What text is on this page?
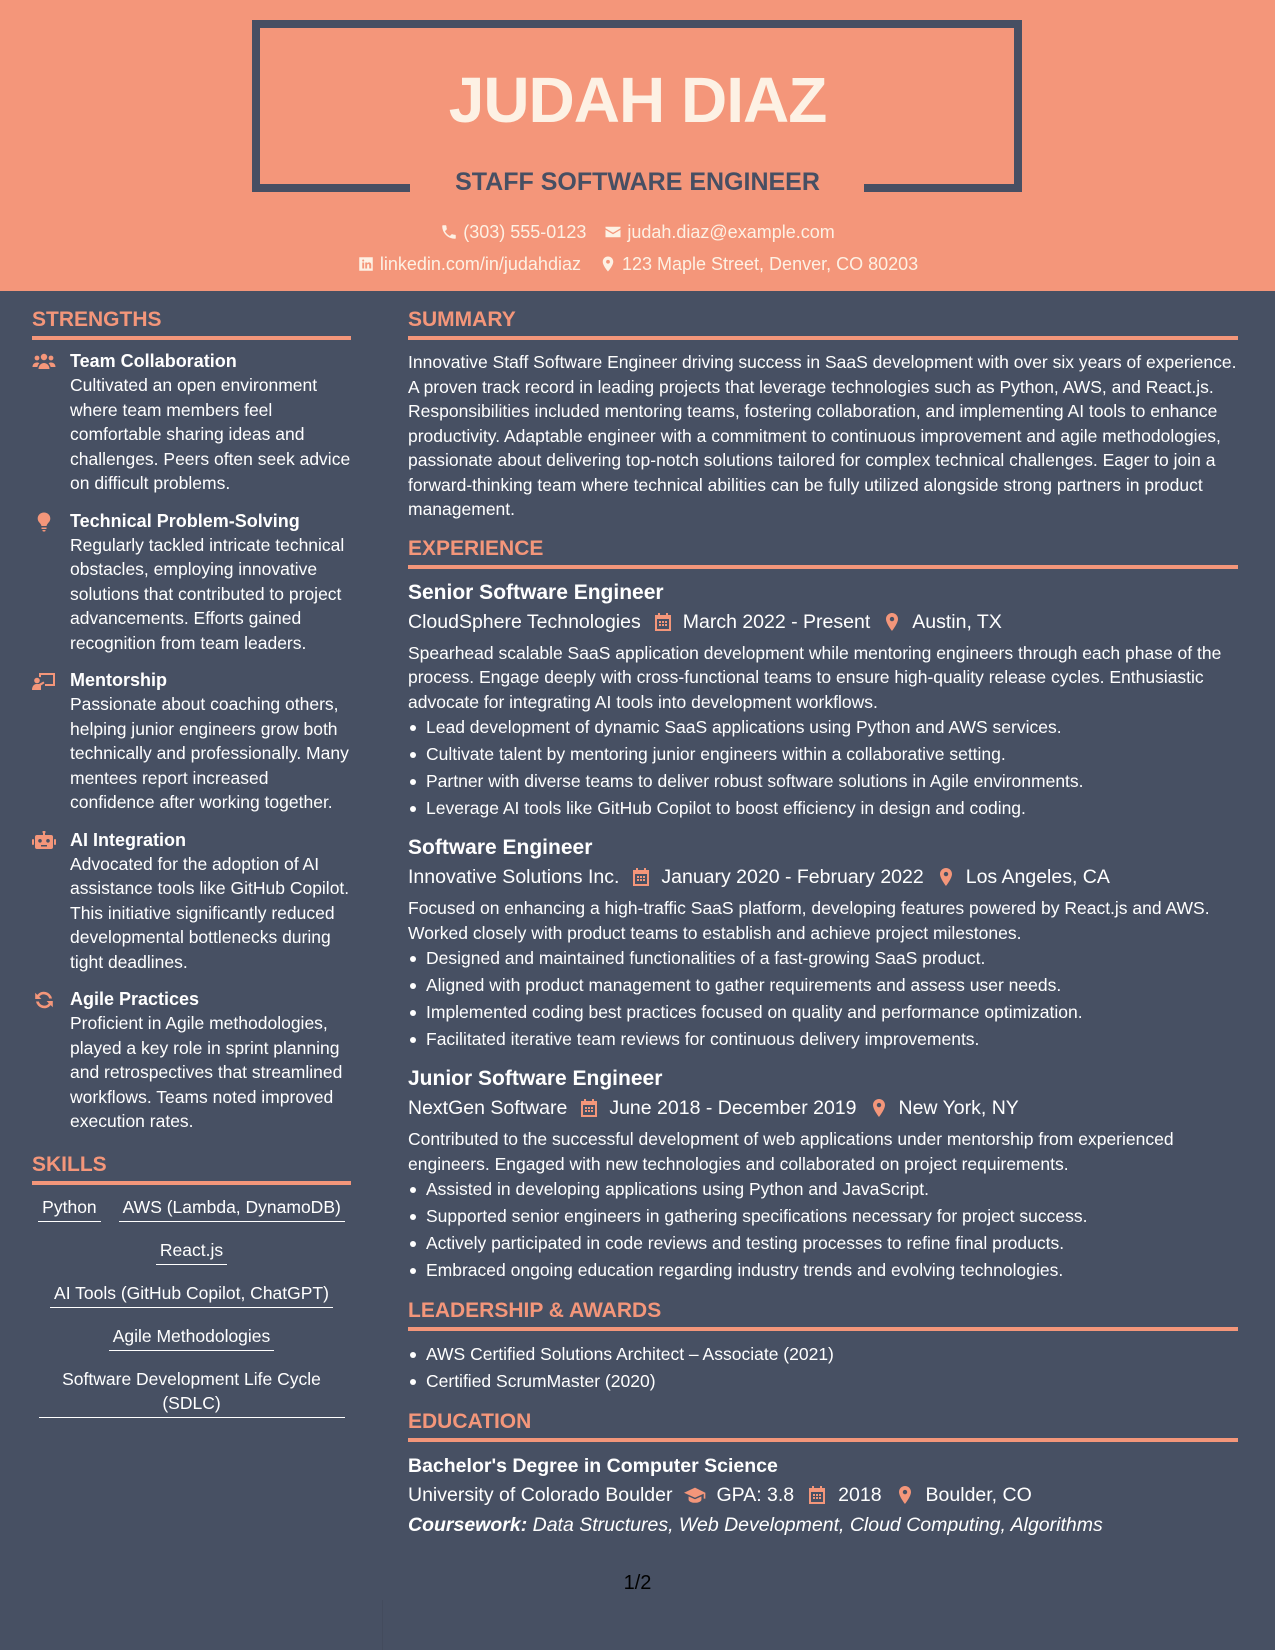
JUDAH DIAZ
STAFF SOFTWARE ENGINEER
(303) 555-0123 judah.diaz@example.com
linkedin.com/in/judahdiaz 123 Maple Street, Denver, CO 80203
STRENGTHS
Team Collaboration
Cultivated an open environment where team members feel comfortable sharing ideas and challenges. Peers often seek advice on difficult problems.
Technical Problem-Solving
Regularly tackled intricate technical obstacles, employing innovative solutions that contributed to project advancements. Efforts gained recognition from team leaders.
Mentorship
Passionate about coaching others, helping junior engineers grow both technically and professionally. Many mentees report increased confidence after working together.
AI Integration
Advocated for the adoption of AI assistance tools like GitHub Copilot. This initiative significantly reduced developmental bottlenecks during tight deadlines.
Agile Practices
Proficient in Agile methodologies, played a key role in sprint planning and retrospectives that streamlined workflows. Teams noted improved execution rates.
SKILLS
Python AWS (Lambda, DynamoDB)
React.js
AI Tools (GitHub Copilot, ChatGPT)
Agile Methodologies
Software Development Life Cycle (SDLC)
SUMMARY
Innovative Staff Software Engineer driving success in SaaS development with over six years of experience. A proven track record in leading projects that leverage technologies such as Python, AWS, and React.js. Responsibilities included mentoring teams, fostering collaboration, and implementing AI tools to enhance productivity. Adaptable engineer with a commitment to continuous improvement and agile methodologies, passionate about delivering top-notch solutions tailored for complex technical challenges. Eager to join a forward-thinking team where technical abilities can be fully utilized alongside strong partners in product management.
EXPERIENCE
Senior Software Engineer
CloudSphere Technologies March 2022 - Present Austin, TX
Spearhead scalable SaaS application development while mentoring engineers through each phase of the process. Engage deeply with cross-functional teams to ensure high-quality release cycles. Enthusiastic advocate for integrating AI tools into development workflows.
Lead development of dynamic SaaS applications using Python and AWS services.
Cultivate talent by mentoring junior engineers within a collaborative setting.
Partner with diverse teams to deliver robust software solutions in Agile environments.
Leverage AI tools like GitHub Copilot to boost efficiency in design and coding.
Software Engineer
Innovative Solutions Inc. January 2020 - February 2022 Los Angeles, CA
Focused on enhancing a high-traffic SaaS platform, developing features powered by React.js and AWS. Worked closely with product teams to establish and achieve project milestones.
Designed and maintained functionalities of a fast-growing SaaS product.
Aligned with product management to gather requirements and assess user needs.
Implemented coding best practices focused on quality and performance optimization.
Facilitated iterative team reviews for continuous delivery improvements.
Junior Software Engineer
NextGen Software June 2018 - December 2019 New York, NY
Contributed to the successful development of web applications under mentorship from experienced engineers. Engaged with new technologies and collaborated on project requirements.
Assisted in developing applications using Python and JavaScript.
Supported senior engineers in gathering specifications necessary for project success.
Actively participated in code reviews and testing processes to refine final products.
Embraced ongoing education regarding industry trends and evolving technologies.
LEADERSHIP & AWARDS
AWS Certified Solutions Architect – Associate (2021)
Certified ScrumMaster (2020)
EDUCATION
Bachelor's Degree in Computer Science
University of Colorado Boulder GPA: 3.8 2018 Boulder, CO
Coursework: Data Structures, Web Development, Cloud Computing, Algorithms
1/2
